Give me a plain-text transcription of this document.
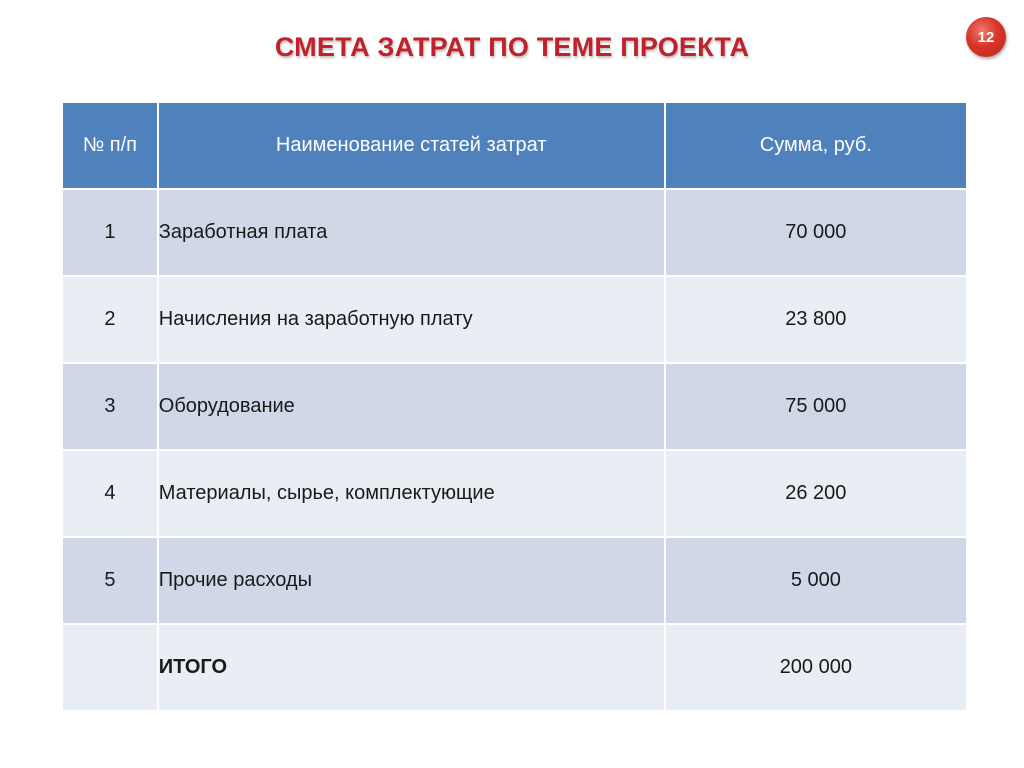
СМЕТА ЗАТРАТ ПО ТЕМЕ ПРОЕКТА	12
№ п/п	Наименование статей затрат	Сумма, руб.
1	Заработная плата	70 000
2	Начисления на заработную плату	23 800
3	Оборудование	75 000
4	Материалы, сырье, комплектующие	26 200
5	Прочие расходы	5 000
	ИТОГО	200 000
